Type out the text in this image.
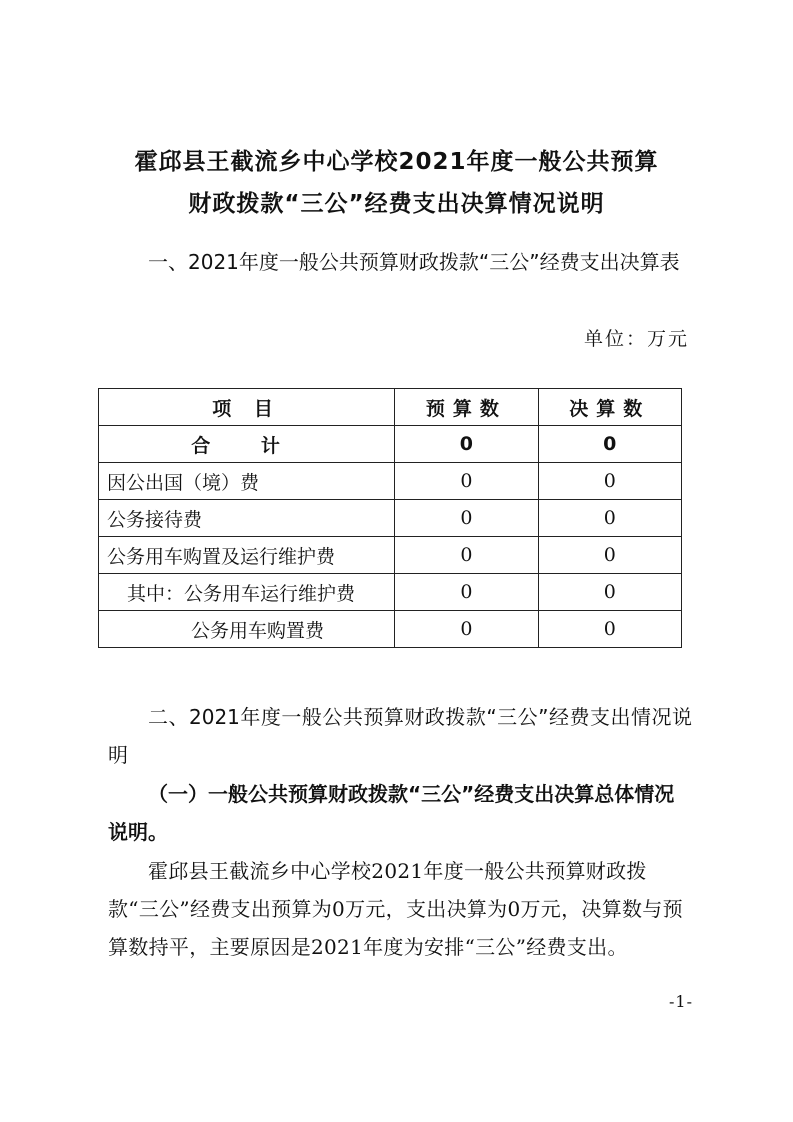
霍邱县王截流乡中心学校2021年度一般公共预算
财政拨款“三公”经费支出决算情况说明

一、2021年度一般公共预算财政拨款“三公”经费支出决算表

单位：万元
项 目	预算数	决算数
合 计	0	0
因公出国（境）费	0	0
公务接待费	0	0
公务用车购置及运行维护费	0	0
其中：公务用车运行维护费	0	0
公务用车购置费	0	0

二、2021年度一般公共预算财政拨款“三公”经费支出情况说明

（一）一般公共预算财政拨款“三公”经费支出决算总体情况说明。

霍邱县王截流乡中心学校2021年度一般公共预算财政拨款“三公”经费支出预算为0万元，支出决算为0万元，决算数与预算数持平，主要原因是2021年度为安排“三公”经费支出。

-1-
